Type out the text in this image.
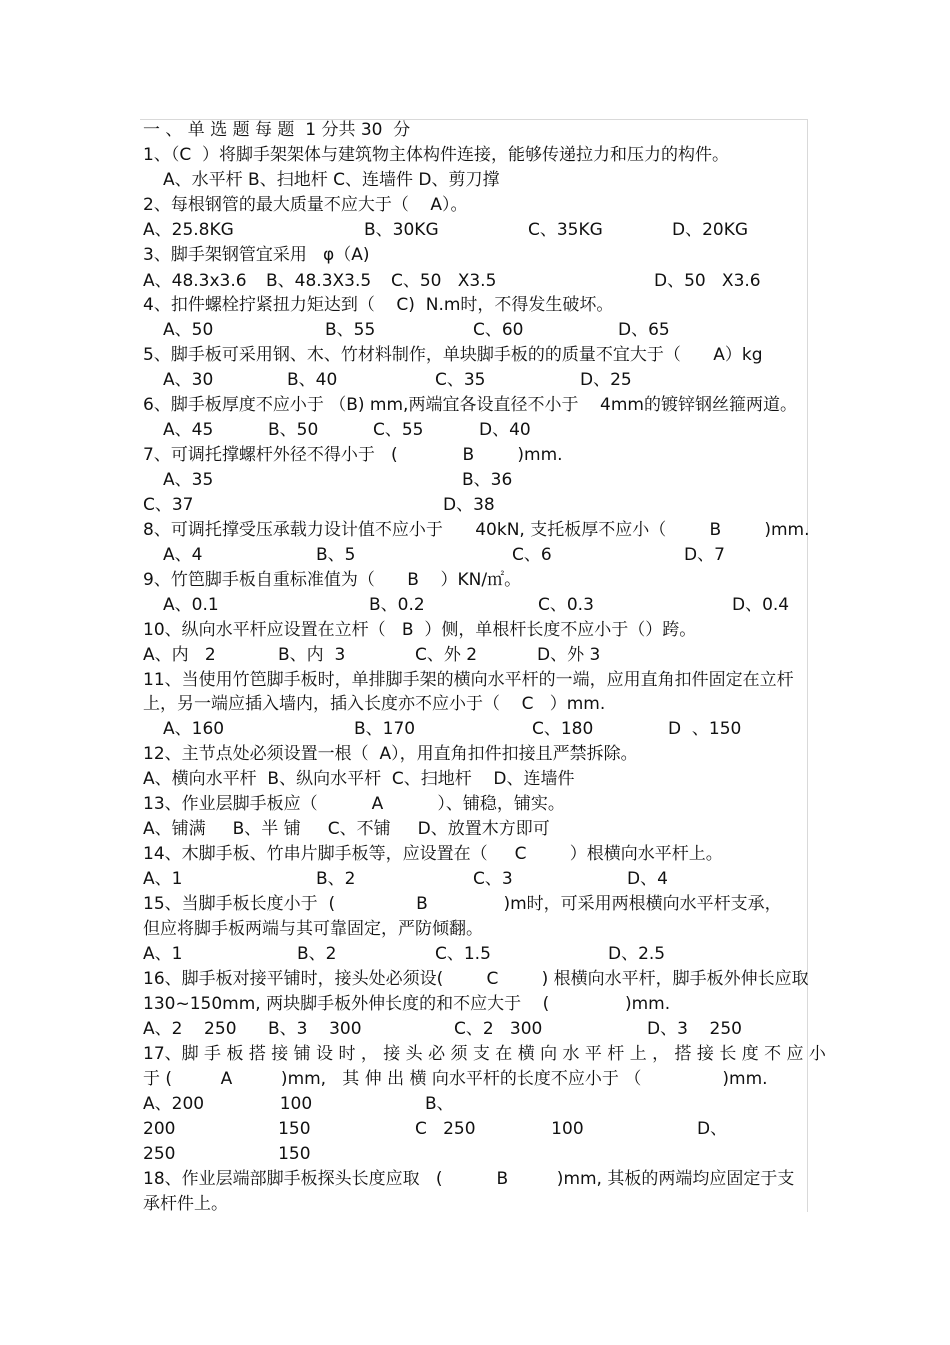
一 、 单 选 题 每 题  1 分共 30  分
1、（C  ）将脚手架架体与建筑物主体构件连接，能够传递拉力和压力的构件。
A、水平杆 B、扫地杆 C、连墙件 D、剪刀撑
2、每根钢管的最大质量不应大于（    A）。
A、25.8KG	B、30KG	C、35KG	D、20KG
3、脚手架钢管宜采用   φ（A)
A、48.3x3.6 B、48.3X3.5 C、50   X3.5	D、50   X3.6
4、扣件螺栓拧紧扭力矩达到（    C)  N.m时，不得发生破坏。
A、50	B、55	C、60	D、65
5、脚手板可采用钢、木、竹材料制作，单块脚手板的的质量不宜大于（      A）kg
A、30	B、40	C、35	D、25
6、脚手板厚度不应小于 （B) mm,两端宜各设直径不小于    4mm的镀锌钢丝箍两道。
A、45	B、50	C、55	D、40
7、可调托撑螺杆外径不得小于   (            B        )mm.
A、35	B、36
C、37	D、38
8、可调托撑受压承载力设计值不应小于      40kN, 支托板厚不应小（        B        )mm.
A、4	B、5	C、6	D、7
9、竹笆脚手板自重标准值为（      B    ）KN/㎡。
A、0.1	B、0.2	C、0.3	D、0.4
10、纵向水平杆应设置在立杆（   B  ）侧，单根杆长度不应小于（）跨。
A、内   2	B、内  3	C、外 2	D、外 3
11、当使用竹笆脚手板时，单排脚手架的横向水平杆的一端，应用直角扣件固定在立杆
上，另一端应插入墙内，插入长度亦不应小于（    C   ）mm.
A、160	B、170	C、180	D  、150
12、主节点处必须设置一根（  A），用直角扣件扣接且严禁拆除。
A、横向水平杆  B、纵向水平杆  C、扫地杆    D、连墙件
13、作业层脚手板应（          A          ）、铺稳，铺实。
A、铺满     B、半 铺     C、不铺     D、放置木方即可
14、木脚手板、竹串片脚手板等，应设置在（     C        ）根横向水平杆上。
A、1	B、2	C、3	D、4
15、当脚手板长度小于  (               B              )m时，可采用两根横向水平杆支承，
但应将脚手板两端与其可靠固定，严防倾翻。
A、1	B、2	C、1.5	D、2.5
16、脚手板对接平铺时，接头处必须设(        C        ) 根横向水平杆，脚手板外伸长应取
130~150mm, 两块脚手板外伸长度的和不应大于    (              )mm.
A、2    250 B、3    300	C、2   300	D、3    250
17、脚 手 板 搭 接 铺 设 时 ， 接 头 必 须 支 在 横 向 水 平 杆 上 ， 搭 接 长 度 不 应 小
于 (         A         )mm,   其 伸 出 横 向水平杆的长度不应小于 （               )mm.
A、200              100	B、
200                   150	C   250              100	D、
250                   150
18、作业层端部脚手板探头长度应取   (          B         )mm, 其板的两端均应固定于支
承杆件上。
